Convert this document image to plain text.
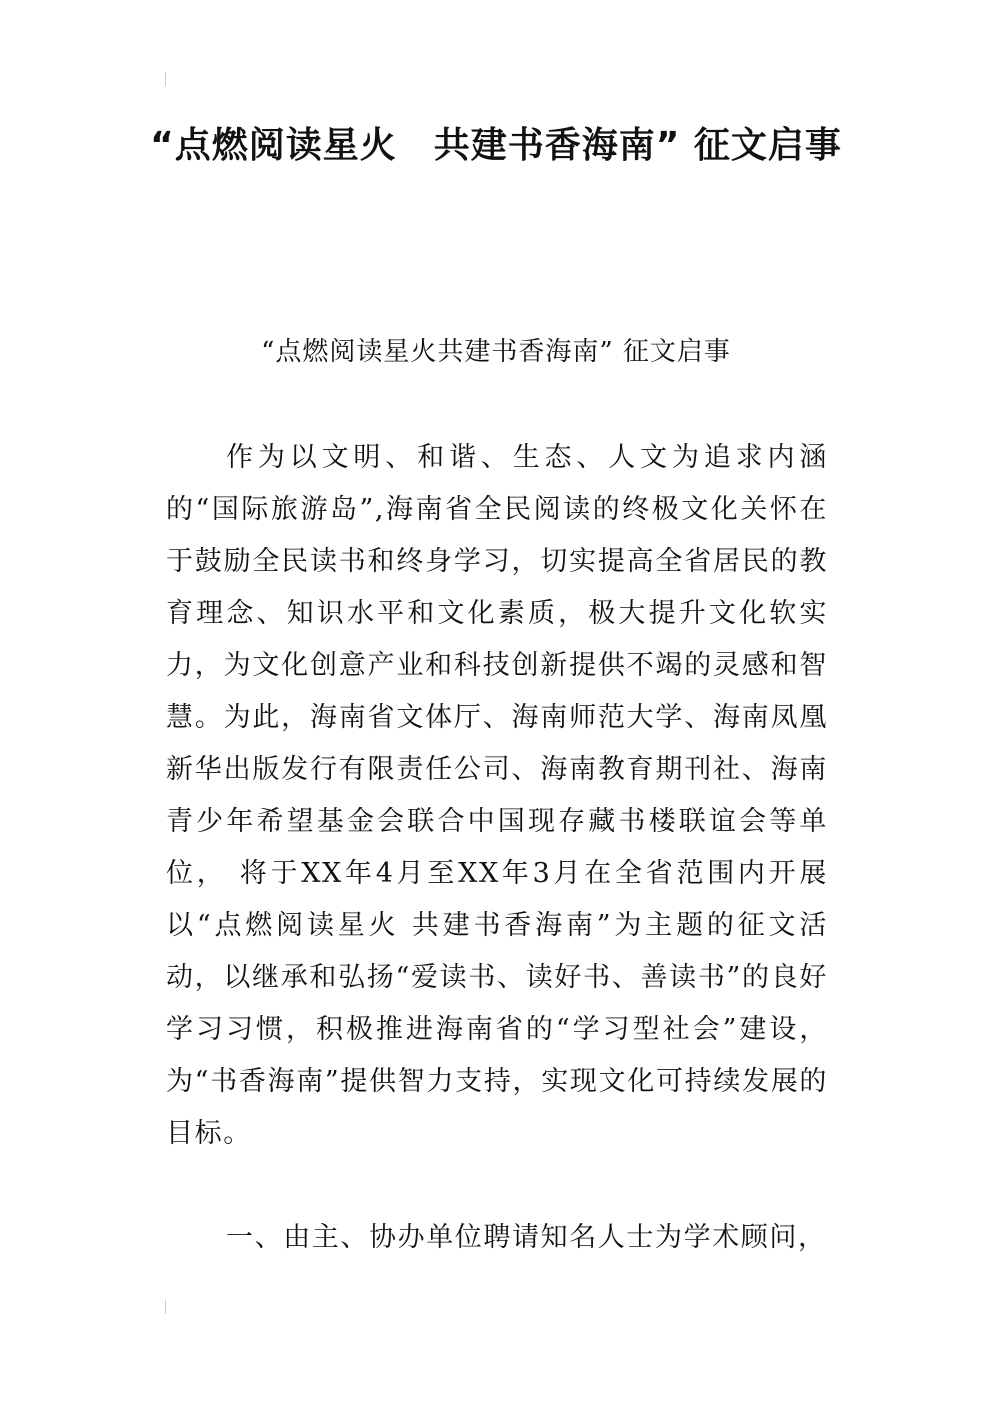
“点燃阅读星火　共建书香海南” 征文启事

“点燃阅读星火共建书香海南” 征文启事

作为以文明、和谐、生态、人文为追求内涵的“国际旅游岛”,海南省全民阅读的终极文化关怀在于鼓励全民读书和终身学习，切实提高全省居民的教育理念、知识水平和文化素质，极大提升文化软实力，为文化创意产业和科技创新提供不竭的灵感和智慧。为此，海南省文体厅、海南师范大学、海南凤凰新华出版发行有限责任公司、海南教育期刊社、海南青少年希望基金会联合中国现存藏书楼联谊会等单位， 将于XX年4月至XX年3月在全省范围内开展以“点燃阅读星火 共建书香海南”为主题的征文活动，以继承和弘扬“爱读书、读好书、善读书”的良好学习习惯，积极推进海南省的“学习型社会”建设，为“书香海南”提供智力支持，实现文化可持续发展的目标。

一、由主、协办单位聘请知名人士为学术顾问，
